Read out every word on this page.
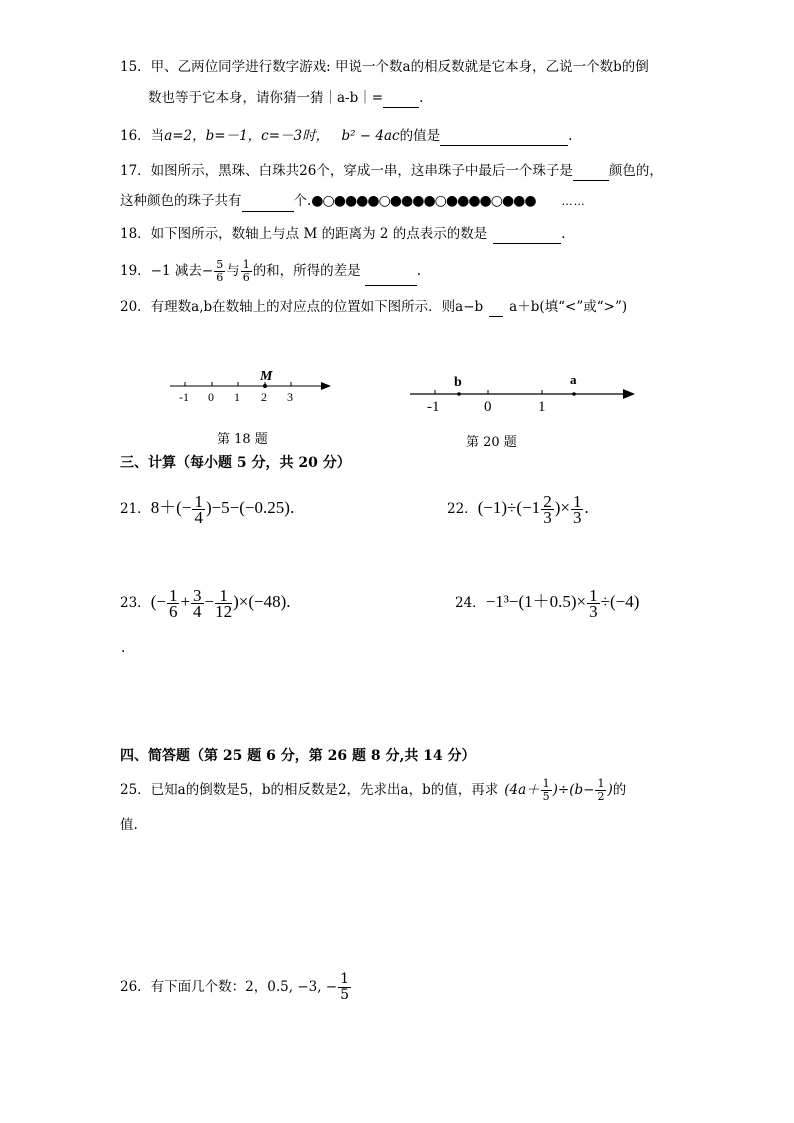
15．甲、乙两位同学进行数字游戏: 甲说一个数a的相反数就是它本身，乙说一个数b的倒
数也等于它本身，请你猜一猜｜a-b｜=	.
16．当a=2，b=－1，c=－3时， b² − 4ac的值是	.
17．如图所示，黑珠、白珠共26个，穿成一串，这串珠子中最后一个珠子是	颜色的，
这种颜色的珠子共有	个.●○●●●●○●●●●○●●●●○●●● ……
18．如下图所示，数轴上与点 M 的距离为 2 的点表示的数是	.
19．−1 减去− $\frac{5}{6}$ 与 $\frac{1}{6}$ 的和，所得的差是	.
20．有理数a,b在数轴上的对应点的位置如下图所示．则a−b a＋b(填“<”或“>”)
M
-1 0 1 2 3
第 18 题
b	a
-1	0	1
第 20 题
三、计算（每小题 5 分，共 20 分）
21．$8+(- \frac{1}{4} )-5-(-0.25)$.	22．$(-1)\div(-1 \frac{2}{3}$ )× $\frac{1}{3}$ .
23．(− $\frac{1}{6} + \frac{3}{4} - \frac{1}{12} )\times(-48)$.	24．$-1^3-(1+0.5)\times \frac{1}{3} \div(-4)$
.
四、简答题（第 25 题 6 分，第 26 题 8 分,共 14 分）
25．已知a的倒数是5，b的相反数是2，先求出a，b的值，再求 $(4a+ \frac{1}{5} )\div(b- \frac{1}{2}$ )的
值.
26．有下面几个数：2，0.5, −3, − $\frac{1}{5}$
